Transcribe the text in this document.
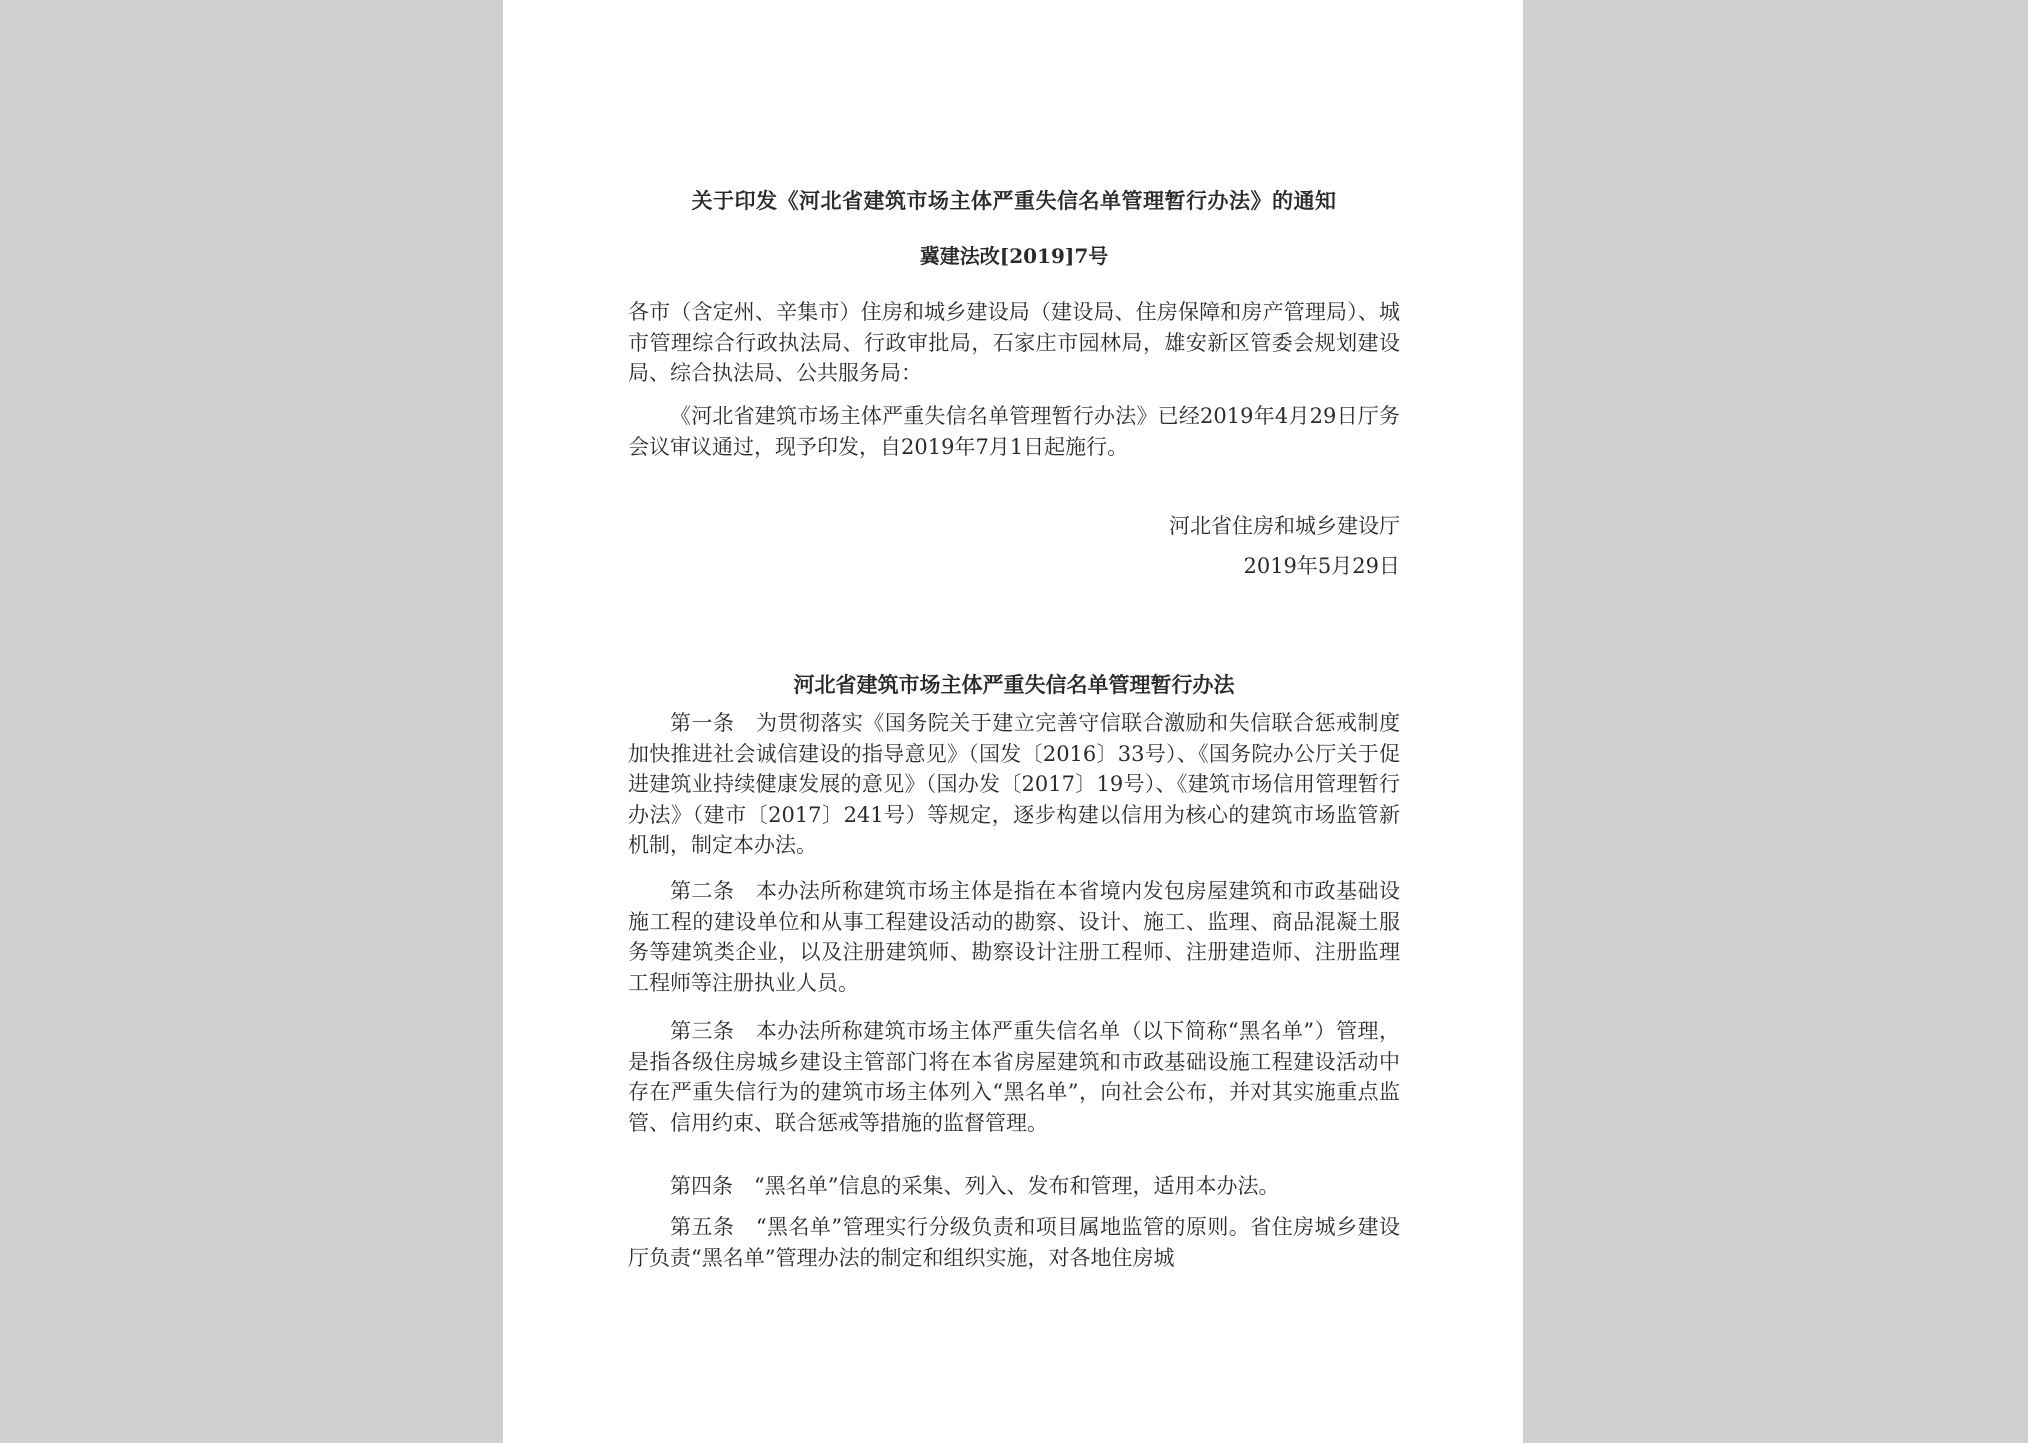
关于印发《河北省建筑市场主体严重失信名单管理暂行办法》的通知
冀建法改[2019]7号

各市（含定州、辛集市）住房和城乡建设局（建设局、住房保障和房产管理局）、城市管理综合行政执法局、行政审批局，石家庄市园林局，雄安新区管委会规划建设局、综合执法局、公共服务局：

《河北省建筑市场主体严重失信名单管理暂行办法》已经2019年4月29日厅务会议审议通过，现予印发，自2019年7月1日起施行。

河北省住房和城乡建设厅
2019年5月29日
河北省建筑市场主体严重失信名单管理暂行办法

第一条　为贯彻落实《国务院关于建立完善守信联合激励和失信联合惩戒制度加快推进社会诚信建设的指导意见》（国发〔2016〕33号）、《国务院办公厅关于促进建筑业持续健康发展的意见》（国办发〔2017〕19号）、《建筑市场信用管理暂行办法》（建市〔2017〕241号）等规定，逐步构建以信用为核心的建筑市场监管新机制，制定本办法。

第二条　本办法所称建筑市场主体是指在本省境内发包房屋建筑和市政基础设施工程的建设单位和从事工程建设活动的勘察、设计、施工、监理、商品混凝土服务等建筑类企业，以及注册建筑师、勘察设计注册工程师、注册建造师、注册监理工程师等注册执业人员。

第三条　本办法所称建筑市场主体严重失信名单（以下简称“黑名单”）管理，是指各级住房城乡建设主管部门将在本省房屋建筑和市政基础设施工程建设活动中存在严重失信行为的建筑市场主体列入“黑名单”，向社会公布，并对其实施重点监管、信用约束、联合惩戒等措施的监督管理。

第四条　“黑名单”信息的采集、列入、发布和管理，适用本办法。

第五条　“黑名单”管理实行分级负责和项目属地监管的原则。省住房城乡建设厅负责“黑名单”管理办法的制定和组织实施，对各地住房城
